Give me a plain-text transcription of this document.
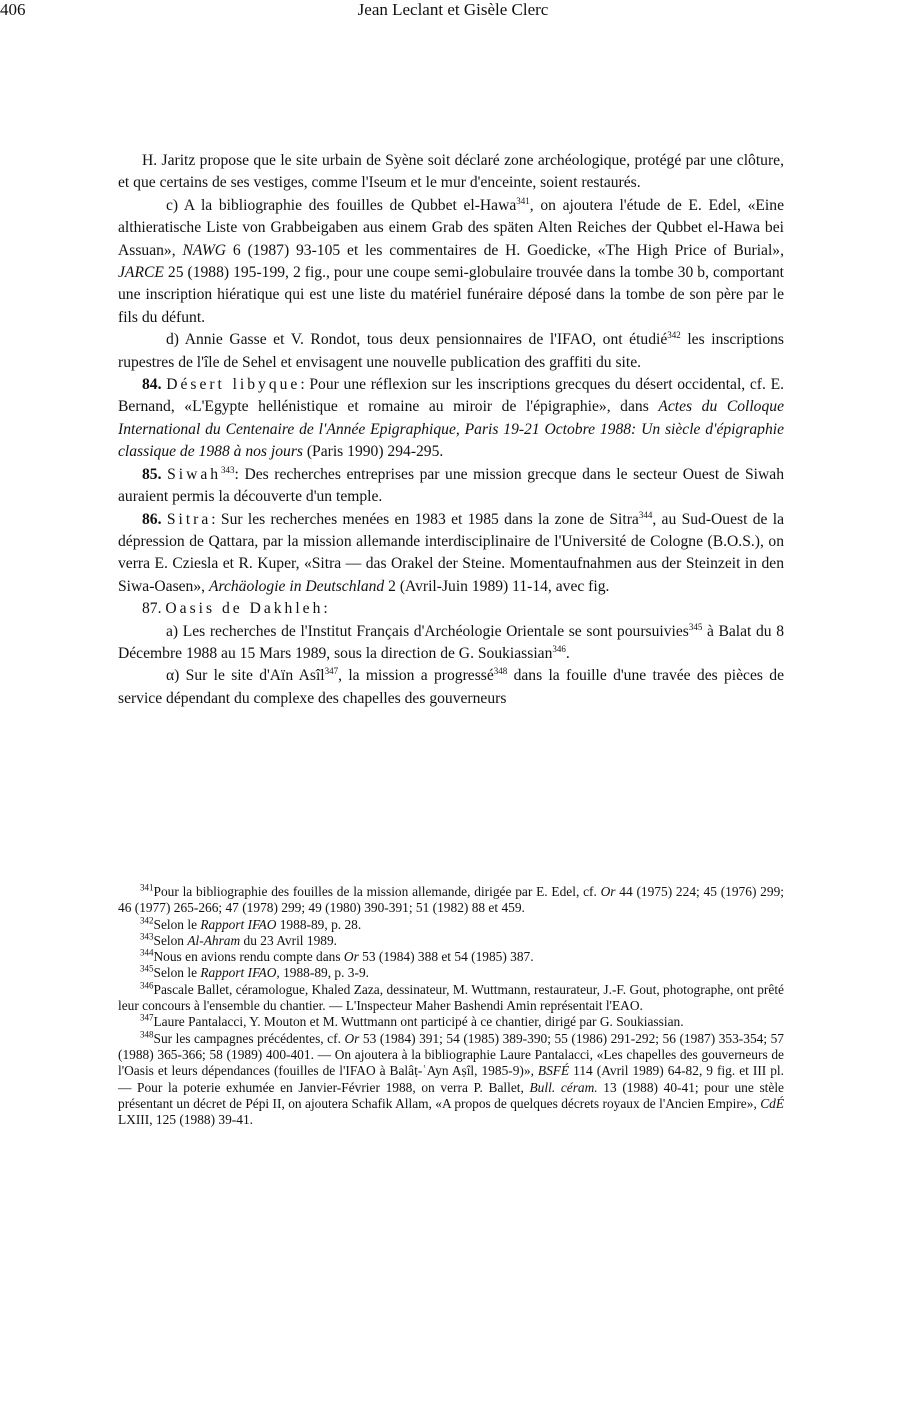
406	Jean Leclant et Gisèle Clerc

H. Jaritz propose que le site urbain de Syène soit déclaré zone archéologique, protégé par une clôture, et que certains de ses vestiges, comme l'Iseum et le mur d'enceinte, soient restaurés.

c) A la bibliographie des fouilles de Qubbet el-Hawa$^{341}$, on ajoutera l'étude de E. Edel, «Eine althieratische Liste von Grabbeigaben aus einem Grab des späten Alten Reiches der Qubbet el-Hawa bei Assuan», NAWG 6 (1987) 93-105 et les commentaires de H. Goedicke, «The High Price of Burial», JARCE 25 (1988) 195-199, 2 fig., pour une coupe semi-globulaire trouvée dans la tombe 30 b, comportant une inscription hiératique qui est une liste du matériel funéraire déposé dans la tombe de son père par le fils du défunt.

d) Annie Gasse et V. Rondot, tous deux pensionnaires de l'IFAO, ont étudié$^{342}$ les inscriptions rupestres de l'île de Sehel et envisagent une nouvelle publication des graffiti du site.

84. Désert libyque: Pour une réflexion sur les inscriptions grecques du désert occidental, cf. E. Bernand, «L'Egypte hellénistique et romaine au miroir de l'épigraphie», dans Actes du Colloque International du Centenaire de l'Année Epigraphique, Paris 19-21 Octobre 1988: Un siècle d'épigraphie classique de 1988 à nos jours (Paris 1990) 294-295.

85. Siwah$^{343}$: Des recherches entreprises par une mission grecque dans le secteur Ouest de Siwah auraient permis la découverte d'un temple.

86. Sitra: Sur les recherches menées en 1983 et 1985 dans la zone de Sitra$^{344}$, au Sud-Ouest de la dépression de Qattara, par la mission allemande interdisciplinaire de l'Université de Cologne (B.O.S.), on verra E. Cziesla et R. Kuper, «Sitra — das Orakel der Steine. Momentaufnahmen aus der Steinzeit in den Siwa-Oasen», Archäologie in Deutschland 2 (Avril-Juin 1989) 11-14, avec fig.

87. Oasis de Dakhleh:

a) Les recherches de l'Institut Français d'Archéologie Orientale se sont poursuivies$^{345}$ à Balat du 8 Décembre 1988 au 15 Mars 1989, sous la direction de G. Soukiassian$^{346}$.

α) Sur le site d'Aïn Asîl$^{347}$, la mission a progressé$^{348}$ dans la fouille d'une travée des pièces de service dépendant du complexe des chapelles des gouverneurs

$^{341}$Pour la bibliographie des fouilles de la mission allemande, dirigée par E. Edel, cf. Or 44 (1975) 224; 45 (1976) 299; 46 (1977) 265-266; 47 (1978) 299; 49 (1980) 390-391; 51 (1982) 88 et 459.

$^{342}$Selon le Rapport IFAO 1988-89, p. 28.

$^{343}$Selon Al-Ahram du 23 Avril 1989.

$^{344}$Nous en avions rendu compte dans Or 53 (1984) 388 et 54 (1985) 387.

$^{345}$Selon le Rapport IFAO, 1988-89, p. 3-9.

$^{346}$Pascale Ballet, céramologue, Khaled Zaza, dessinateur, M. Wuttmann, restaurateur, J.-F. Gout, photographe, ont prêté leur concours à l'ensemble du chantier. — L'Inspecteur Maher Bashendi Amin représentait l'EAO.

$^{347}$Laure Pantalacci, Y. Mouton et M. Wuttmann ont participé à ce chantier, dirigé par G. Soukiassian.

$^{348}$Sur les campagnes précédentes, cf. Or 53 (1984) 391; 54 (1985) 389-390; 55 (1986) 291-292; 56 (1987) 353-354; 57 (1988) 365-366; 58 (1989) 400-401. — On ajoutera à la bibliographie Laure Pantalacci, «Les chapelles des gouverneurs de l'Oasis et leurs dépendances (fouilles de l'IFAO à Balâṭ-ʿAyn Aṣîl, 1985-9)», BSFÉ 114 (Avril 1989) 64-82, 9 fig. et III pl. — Pour la poterie exhumée en Janvier-Février 1988, on verra P. Ballet, Bull. céram. 13 (1988) 40-41; pour une stèle présentant un décret de Pépi II, on ajoutera Schafik Allam, «A propos de quelques décrets royaux de l'Ancien Empire», CdÉ LXIII, 125 (1988) 39-41.
